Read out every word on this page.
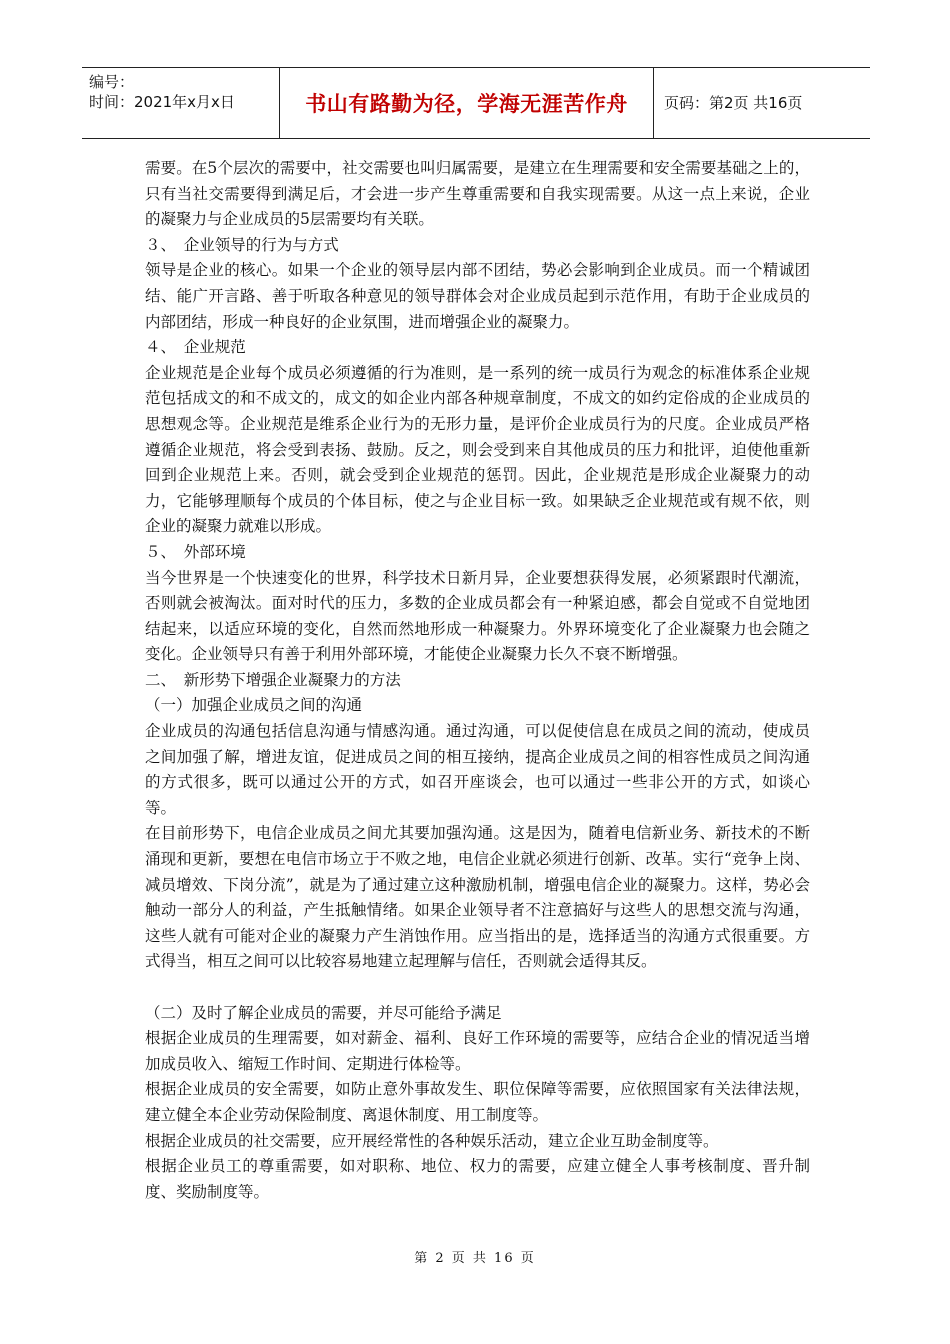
编号：
时间：2021年x月x日	书山有路勤为径，学海无涯苦作舟	页码：第2页 共16页

需要。在5个层次的需要中，社交需要也叫归属需要，是建立在生理需要和安全需要基础之上的，只有当社交需要得到满足后，才会进一步产生尊重需要和自我实现需要。从这一点上来说，企业的凝聚力与企业成员的5层需要均有关联。

３、　企业领导的行为与方式

领导是企业的核心。如果一个企业的领导层内部不团结，势必会影响到企业成员。而一个精诚团结、能广开言路、善于听取各种意见的领导群体会对企业成员起到示范作用，有助于企业成员的内部团结，形成一种良好的企业氛围，进而增强企业的凝聚力。

４、　企业规范

企业规范是企业每个成员必须遵循的行为准则，是一系列的统一成员行为观念的标准体系企业规范包括成文的和不成文的，成文的如企业内部各种规章制度，不成文的如约定俗成的企业成员的思想观念等。企业规范是维系企业行为的无形力量，是评价企业成员行为的尺度。企业成员严格遵循企业规范，将会受到表扬、鼓励。反之，则会受到来自其他成员的压力和批评，迫使他重新回到企业规范上来。否则，就会受到企业规范的惩罚。因此，企业规范是形成企业凝聚力的动力，它能够理顺每个成员的个体目标，使之与企业目标一致。如果缺乏企业规范或有规不依，则企业的凝聚力就难以形成。

５、　外部环境

当今世界是一个快速变化的世界，科学技术日新月异，企业要想获得发展，必须紧跟时代潮流，否则就会被淘汰。面对时代的压力，多数的企业成员都会有一种紧迫感，都会自觉或不自觉地团结起来，以适应环境的变化，自然而然地形成一种凝聚力。外界环境变化了企业凝聚力也会随之变化。企业领导只有善于利用外部环境，才能使企业凝聚力长久不衰不断增强。

二、　新形势下增强企业凝聚力的方法
（一）加强企业成员之间的沟通

企业成员的沟通包括信息沟通与情感沟通。通过沟通，可以促使信息在成员之间的流动，使成员之间加强了解，增进友谊，促进成员之间的相互接纳，提高企业成员之间的相容性成员之间沟通的方式很多，既可以通过公开的方式，如召开座谈会，也可以通过一些非公开的方式，如谈心等。

在目前形势下，电信企业成员之间尤其要加强沟通。这是因为，随着电信新业务、新技术的不断涌现和更新，要想在电信市场立于不败之地，电信企业就必须进行创新、改革。实行“竞争上岗、减员增效、下岗分流”，就是为了通过建立这种激励机制，增强电信企业的凝聚力。这样，势必会触动一部分人的利益，产生抵触情绪。如果企业领导者不注意搞好与这些人的思想交流与沟通，这些人就有可能对企业的凝聚力产生消蚀作用。应当指出的是，选择适当的沟通方式很重要。方式得当，相互之间可以比较容易地建立起理解与信任，否则就会适得其反。

（二）及时了解企业成员的需要，并尽可能给予满足

根据企业成员的生理需要，如对薪金、福利、良好工作环境的需要等，应结合企业的情况适当增加成员收入、缩短工作时间、定期进行体检等。

根据企业成员的安全需要，如防止意外事故发生、职位保障等需要，应依照国家有关法律法规，建立健全本企业劳动保险制度、离退休制度、用工制度等。

根据企业成员的社交需要，应开展经常性的各种娱乐活动，建立企业互助金制度等。

根据企业员工的尊重需要，如对职称、地位、权力的需要，应建立健全人事考核制度、晋升制度、奖励制度等。

第 2 页 共 16 页
